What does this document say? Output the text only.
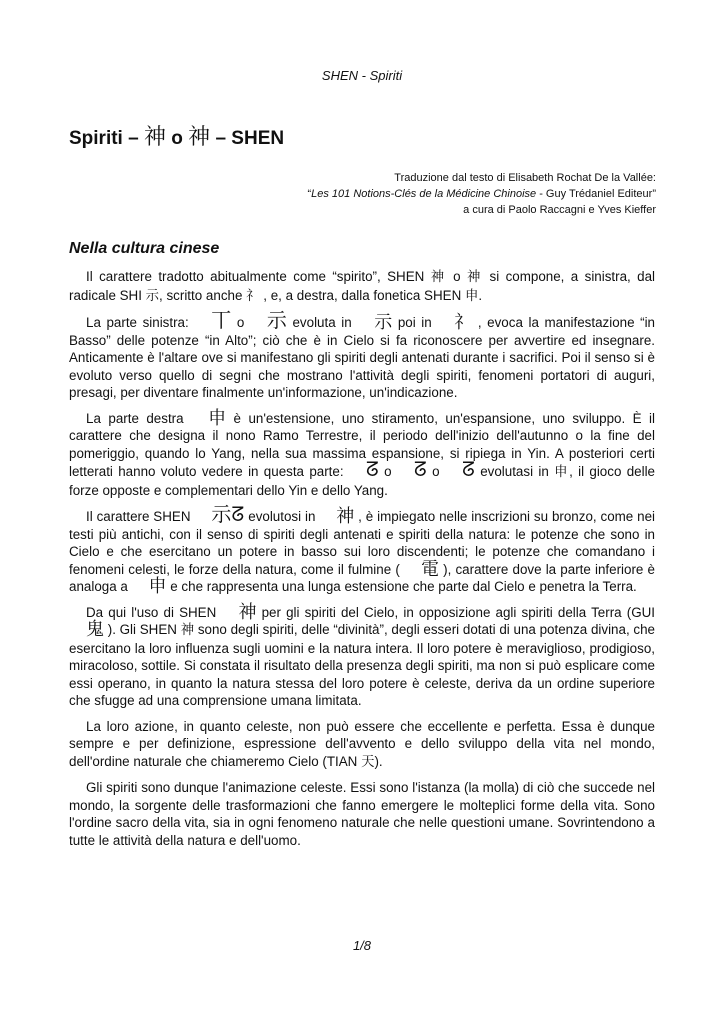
SHEN - Spiriti
Spiriti – 神 o 神 – SHEN
Traduzione dal testo di Elisabeth Rochat De la Vallée:
“Les 101 Notions-Clés de la Médicine Chinoise - Guy Trédaniel Editeur”
a cura di Paolo Raccagni e Yves Kieffer
Nella cultura cinese

Il carattere tradotto abitualmente come “spirito”, SHEN 神 o 神 si compone, a sinistra, dal radicale SHI 示, scritto anche 礻 , e, a destra, dalla fonetica SHEN 申.

La parte sinistra: 丅 o 示 evoluta in 示 poi in 礻 , evoca la manifestazione “in Basso” delle potenze “in Alto”; ciò che è in Cielo si fa riconoscere per avvertire ed insegnare. Anticamente è l'altare ove si manifestano gli spiriti degli antenati durante i sacrifici. Poi il senso si è evoluto verso quello di segni che mostrano l'attività degli spiriti, fenomeni portatori di auguri, presagi, per diventare finalmente un'informazione, un'indicazione.

La parte destra 申 è un'estensione, uno stiramento, un'espansione, uno sviluppo. È il carattere che designa il nono Ramo Terrestre, il periodo dell'inizio dell'autunno o la fine del pomeriggio, quando lo Yang, nella sua massima espansione, si ripiega in Yin. A posteriori certi letterati hanno voluto vedere in questa parte: ᘔ o ᘔ o ᘔ evolutasi in 申, il gioco delle forze opposte e complementari dello Yin e dello Yang.

Il carattere SHEN 示ᘔ evolutosi in 神 , è impiegato nelle inscrizioni su bronzo, come nei testi più antichi, con il senso di spiriti degli antenati e spiriti della natura: le potenze che sono in Cielo e che esercitano un potere in basso sui loro discendenti; le potenze che comandano i fenomeni celesti, le forze della natura, come il fulmine ( 電 ), carattere dove la parte inferiore è analoga a 申 e che rappresenta una lunga estensione che parte dal Cielo e penetra la Terra.

Da qui l'uso di SHEN 神 per gli spiriti del Cielo, in opposizione agli spiriti della Terra (GUI 鬼 ). Gli SHEN 神 sono degli spiriti, delle “divinità”, degli esseri dotati di una potenza divina, che esercitano la loro influenza sugli uomini e la natura intera. Il loro potere è meraviglioso, prodigioso, miracoloso, sottile. Si constata il risultato della presenza degli spiriti, ma non si può esplicare come essi operano, in quanto la natura stessa del loro potere è celeste, deriva da un ordine superiore che sfugge ad una comprensione umana limitata.

La loro azione, in quanto celeste, non può essere che eccellente e perfetta. Essa è dunque sempre e per definizione, espressione dell'avvento e dello sviluppo della vita nel mondo, dell'ordine naturale che chiameremo Cielo (TIAN 天).

Gli spiriti sono dunque l'animazione celeste. Essi sono l'istanza (la molla) di ciò che succede nel mondo, la sorgente delle trasformazioni che fanno emergere le molteplici forme della vita. Sono l'ordine sacro della vita, sia in ogni fenomeno naturale che nelle questioni umane. Sovrintendono a tutte le attività della natura e dell'uomo.

1/8
